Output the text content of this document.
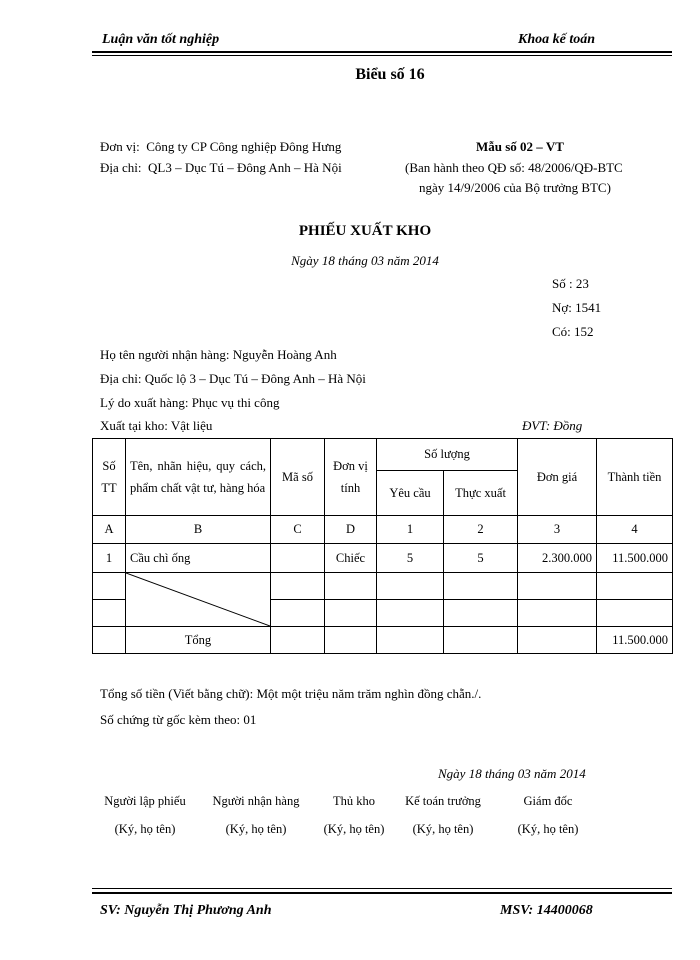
Luận văn tốt nghiệp	Khoa kế toán
Biểu số 16
Đơn vị: Công ty CP Công nghiệp Đông Hưng
Địa chỉ: QL3 – Dục Tú – Đông Anh – Hà Nội
Mẫu số 02 – VT
(Ban hành theo QĐ số: 48/2006/QĐ-BTC
ngày 14/9/2006 của Bộ trưởng BTC)
PHIẾU XUẤT KHO
Ngày 18 tháng 03 năm 2014
Số : 23
Nợ: 1541
Có: 152
Họ tên người nhận hàng: Nguyễn Hoàng Anh
Địa chỉ: Quốc lộ 3 – Dục Tú – Đông Anh – Hà Nội
Lý do xuất hàng: Phục vụ thi công
Xuất tại kho: Vật liệu	ĐVT: Đồng
Số TT	Tên, nhãn hiệu, quy cách, phẩm chất vật tư, hàng hóa	Mã số	Đơn vị tính	Số lượng		Đơn giá	Thành tiền
				Yêu cầu	Thực xuất		
A	B	C	D	1	2	3	4
1	Cầu chì ống		Chiếc	5	5	2.300.000	11.500.000

	Tổng						11.500.000
Tổng số tiền (Viết bằng chữ): Một một triệu năm trăm nghìn đồng chẵn./.
Số chứng từ gốc kèm theo: 01
Ngày 18 tháng 03 năm 2014
Người lập phiếu
(Ký, họ tên)
Người nhận hàng
(Ký, họ tên)
Thủ kho
(Ký, họ tên)
Kế toán trưởng
(Ký, họ tên)
Giám đốc
(Ký, họ tên)
SV: Nguyễn Thị Phương Anh	MSV: 14400068
